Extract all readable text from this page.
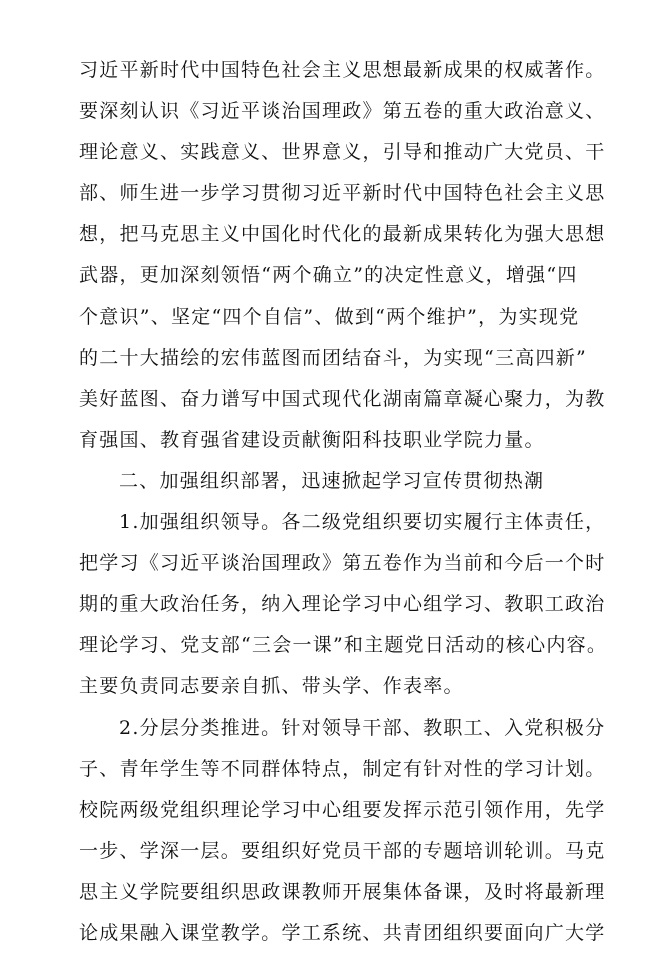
习近平新时代中国特色社会主义思想最新成果的权威著作。
要深刻认识《习近平谈治国理政》第五卷的重大政治意义、
理论意义、实践意义、世界意义，引导和推动广大党员、干
部、师生进一步学习贯彻习近平新时代中国特色社会主义思
想，把马克思主义中国化时代化的最新成果转化为强大思想
武器，更加深刻领悟“两个确立”的决定性意义，增强“四
个意识”、坚定“四个自信”、做到“两个维护”，为实现党
的二十大描绘的宏伟蓝图而团结奋斗，为实现“三高四新”
美好蓝图、奋力谱写中国式现代化湖南篇章凝心聚力，为教
育强国、教育强省建设贡献衡阳科技职业学院力量。
二、加强组织部署，迅速掀起学习宣传贯彻热潮
1.加强组织领导。各二级党组织要切实履行主体责任，
把学习《习近平谈治国理政》第五卷作为当前和今后一个时
期的重大政治任务，纳入理论学习中心组学习、教职工政治
理论学习、党支部“三会一课”和主题党日活动的核心内容。
主要负责同志要亲自抓、带头学、作表率。
2.分层分类推进。针对领导干部、教职工、入党积极分
子、青年学生等不同群体特点，制定有针对性的学习计划。
校院两级党组织理论学习中心组要发挥示范引领作用，先学
一步、学深一层。要组织好党员干部的专题培训轮训。马克
思主义学院要组织思政课教师开展集体备课，及时将最新理
论成果融入课堂教学。学工系统、共青团组织要面向广大学
